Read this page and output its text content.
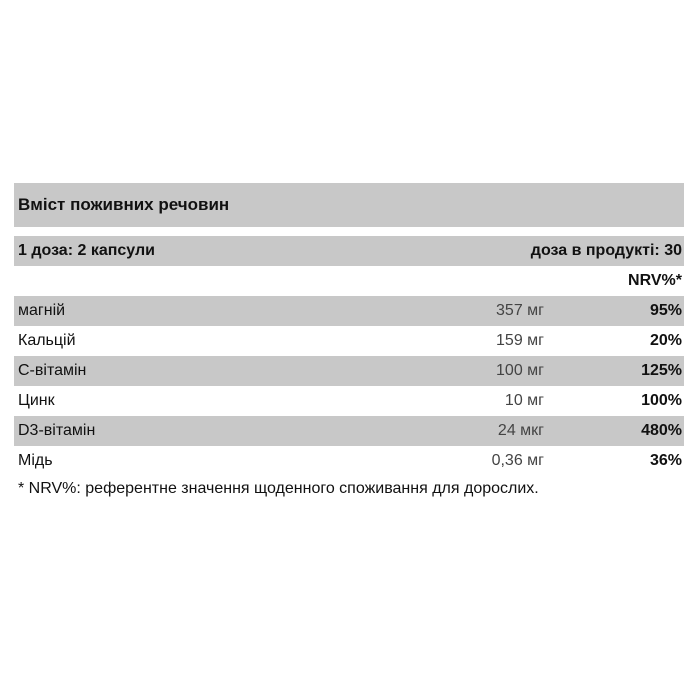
Вміст поживних речовин
1 доза: 2 капсули	доза в продукті: 30
NRV%*
магній	357 мг	95%
Кальцій	159 мг	20%
C-вітамін	100 мг	125%
Цинк	10 мг	100%
D3-вітамін	24 мкг	480%
Мідь	0,36 мг	36%
* NRV%: референтне значення щоденного споживання для дорослих.
